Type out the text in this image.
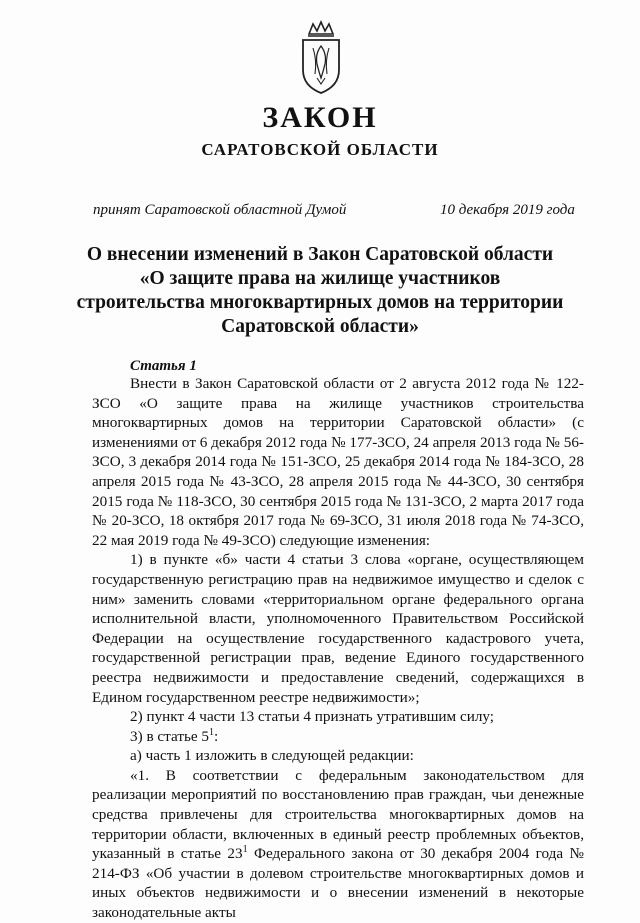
ЗАКОН
САРАТОВСКОЙ ОБЛАСТИ
принят Саратовской областной Думой	10 декабря 2019 года
О внесении изменений в Закон Саратовской области
«О защите права на жилище участников
строительства многоквартирных домов на территории
Саратовской области»
Статья 1

Внести в Закон Саратовской области от 2 августа 2012 года № 122-ЗСО «О защите права на жилище участников строительства многоквартирных домов на территории Саратовской области» (с изменениями от 6 декабря 2012 года № 177-ЗСО, 24 апреля 2013 года № 56-ЗСО, 3 декабря 2014 года № 151-ЗСО, 25 декабря 2014 года № 184-ЗСО, 28 апреля 2015 года № 43-ЗСО, 28 апреля 2015 года № 44-ЗСО, 30 сентября 2015 года № 118-ЗСО, 30 сентября 2015 года № 131-ЗСО, 2 марта 2017 года № 20-ЗСО, 18 октября 2017 года № 69-ЗСО, 31 июля 2018 года № 74-ЗСО, 22 мая 2019 года № 49-ЗСО) следующие изменения:

1) в пункте «б» части 4 статьи 3 слова «органе, осуществляющем государственную регистрацию прав на недвижимое имущество и сделок с ним» заменить словами «территориальном органе федерального органа исполнительной власти, уполномоченного Правительством Российской Федерации на осуществление государственного кадастрового учета, государственной регистрации прав, ведение Единого государственного реестра недвижимости и предоставление сведений, содержащихся в Едином государственном реестре недвижимости»;

2) пункт 4 части 13 статьи 4 признать утратившим силу;

3) в статье $5^1$:

а) часть 1 изложить в следующей редакции:

«1. В соответствии с федеральным законодательством для реализации мероприятий по восстановлению прав граждан, чьи денежные средства привлечены для строительства многоквартирных домов на территории области, включенных в единый реестр проблемных объектов, указанный в статье $23^1$ Федерального закона от 30 декабря 2004 года № 214-ФЗ «Об участии в долевом строительстве многоквартирных домов и иных объектов недвижимости и о внесении изменений в некоторые законодательные акты
